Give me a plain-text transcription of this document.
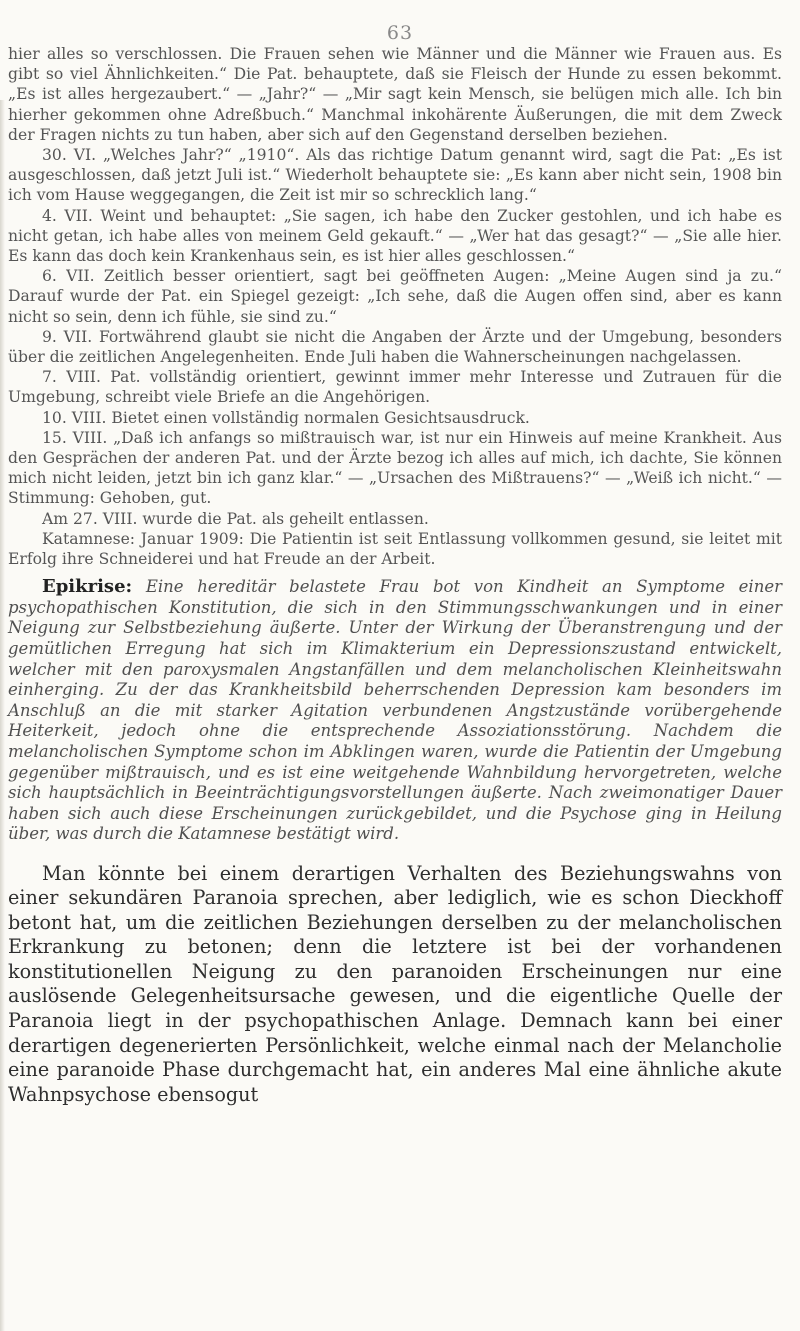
63

hier alles so verschlossen. Die Frauen sehen wie Männer und die Männer wie Frauen aus. Es gibt so viel Ähnlichkeiten.“ Die Pat. behauptete, daß sie Fleisch der Hunde zu essen bekommt. „Es ist alles hergezaubert.“ — „Jahr?“ — „Mir sagt kein Mensch, sie belügen mich alle. Ich bin hierher gekommen ohne Adreßbuch.“ Manchmal inkohärente Äußerungen, die mit dem Zweck der Fragen nichts zu tun haben, aber sich auf den Gegenstand derselben beziehen.

30. VI. „Welches Jahr?“ „1910“. Als das richtige Datum genannt wird, sagt die Pat: „Es ist ausgeschlossen, daß jetzt Juli ist.“ Wiederholt behauptete sie: „Es kann aber nicht sein, 1908 bin ich vom Hause weggegangen, die Zeit ist mir so schrecklich lang.“

4. VII. Weint und behauptet: „Sie sagen, ich habe den Zucker gestohlen, und ich habe es nicht getan, ich habe alles von meinem Geld gekauft.“ — „Wer hat das gesagt?“ — „Sie alle hier. Es kann das doch kein Krankenhaus sein, es ist hier alles geschlossen.“

6. VII. Zeitlich besser orientiert, sagt bei geöffneten Augen: „Meine Augen sind ja zu.“ Darauf wurde der Pat. ein Spiegel gezeigt: „Ich sehe, daß die Augen offen sind, aber es kann nicht so sein, denn ich fühle, sie sind zu.“

9. VII. Fortwährend glaubt sie nicht die Angaben der Ärzte und der Umgebung, besonders über die zeitlichen Angelegenheiten. Ende Juli haben die Wahnerscheinungen nachgelassen.

7. VIII. Pat. vollständig orientiert, gewinnt immer mehr Interesse und Zutrauen für die Umgebung, schreibt viele Briefe an die Angehörigen.

10. VIII. Bietet einen vollständig normalen Gesichtsausdruck.

15. VIII. „Daß ich anfangs so mißtrauisch war, ist nur ein Hinweis auf meine Krankheit. Aus den Gesprächen der anderen Pat. und der Ärzte bezog ich alles auf mich, ich dachte, Sie können mich nicht leiden, jetzt bin ich ganz klar.“ — „Ursachen des Mißtrauens?“ — „Weiß ich nicht.“ — Stimmung: Gehoben, gut.

Am 27. VIII. wurde die Pat. als geheilt entlassen.

Katamnese: Januar 1909: Die Patientin ist seit Entlassung vollkommen gesund, sie leitet mit Erfolg ihre Schneiderei und hat Freude an der Arbeit.

Epikrise: Eine hereditär belastete Frau bot von Kindheit an Symptome einer psychopathischen Konstitution, die sich in den Stimmungsschwankungen und in einer Neigung zur Selbstbeziehung äußerte. Unter der Wirkung der Überanstrengung und der gemütlichen Erregung hat sich im Klimakterium ein Depressionszustand entwickelt, welcher mit den paroxysmalen Angstanfällen und dem melancholischen Kleinheitswahn einherging. Zu der das Krankheitsbild beherrschenden Depression kam besonders im Anschluß an die mit starker Agitation verbundenen Angstzustände vorübergehende Heiterkeit, jedoch ohne die entsprechende Assoziationsstörung. Nachdem die melancholischen Symptome schon im Abklingen waren, wurde die Patientin der Umgebung gegenüber mißtrauisch, und es ist eine weitgehende Wahnbildung hervorgetreten, welche sich hauptsächlich in Beeinträchtigungsvorstellungen äußerte. Nach zweimonatiger Dauer haben sich auch diese Erscheinungen zurückgebildet, und die Psychose ging in Heilung über, was durch die Katamnese bestätigt wird.

Man könnte bei einem derartigen Verhalten des Beziehungswahns von einer sekundären Paranoia sprechen, aber lediglich, wie es schon Dieckhoff betont hat, um die zeitlichen Beziehungen derselben zu der melancholischen Erkrankung zu betonen; denn die letztere ist bei der vorhandenen konstitutionellen Neigung zu den paranoiden Erscheinungen nur eine auslösende Gelegenheitsursache gewesen, und die eigentliche Quelle der Paranoia liegt in der psychopathischen Anlage. Demnach kann bei einer derartigen degenerierten Persönlichkeit, welche einmal nach der Melancholie eine paranoide Phase durchgemacht hat, ein anderes Mal eine ähnliche akute Wahnpsychose ebensogut
